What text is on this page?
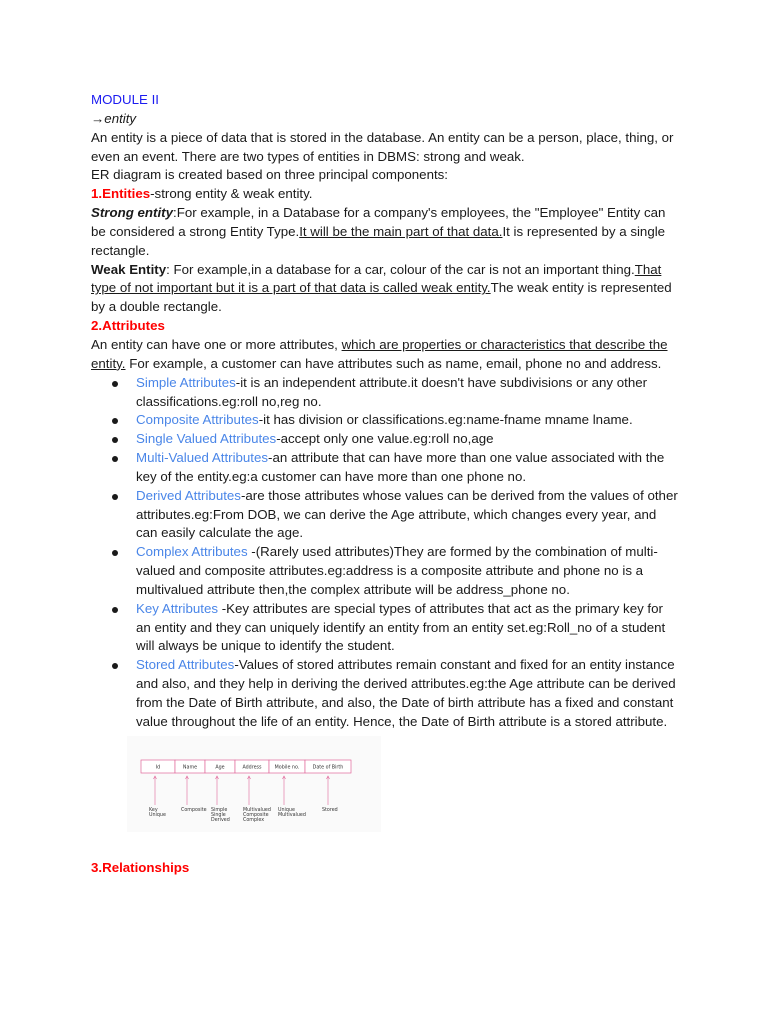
MODULE II

→entity

An entity is a piece of data that is stored in the database. An entity can be a person, place, thing, or even an event. There are two types of entities in DBMS: strong and weak.

ER diagram is created based on three principal components:

1.Entities-strong entity & weak entity.

Strong entity:For example, in a Database for a company's employees, the "Employee" Entity can be considered a strong Entity Type.It will be the main part of that data.It is represented by a single rectangle.

Weak Entity: For example,in a database for a car, colour of the car is not an important thing.That type of not important but it is a part of that data is called weak entity.The weak entity is represented by a double rectangle.

2.Attributes

An entity can have one or more attributes, which are properties or characteristics that describe the entity. For example, a customer can have attributes such as name, email, phone no and address.

Simple Attributes-it is an independent attribute.it doesn't have subdivisions or any other classifications.eg:roll no,reg no.
Composite Attributes-it has division or classifications.eg:name-fname mname lname.
Single Valued Attributes-accept only one value.eg:roll no,age
Multi-Valued Attributes-an attribute that can have more than one value associated with the key of the entity.eg:a customer can have more than one phone no.
Derived Attributes-are those attributes whose values can be derived from the values of other attributes.eg:From DOB, we can derive the Age attribute, which changes every year, and can easily calculate the age.
Complex Attributes -(Rarely used attributes)They are formed by the combination of multi-valued and composite attributes.eg:address is a composite attribute and phone no is a multivalued attribute then,the complex attribute will be address_phone no.
Key Attributes -Key attributes are special types of attributes that act as the primary key for an entity and they can uniquely identify an entity from an entity set.eg:Roll_no of a student will always be unique to identify the student.
Stored Attributes-Values of stored attributes remain constant and fixed for an entity instance and also, and they help in deriving the derived attributes.eg:the Age attribute can be derived from the Date of Birth attribute, and also, the Date of birth attribute has a fixed and constant value throughout the life of an entity. Hence, the Date of Birth attribute is a stored attribute.
Id
Key
Unique
Name
Composite
Age
Simple
Single
Derived
Address
Multivalued
Composite
Complex
Mobile no.
Unique
Multivalued
Date of Birth
Stored

3.Relationships
